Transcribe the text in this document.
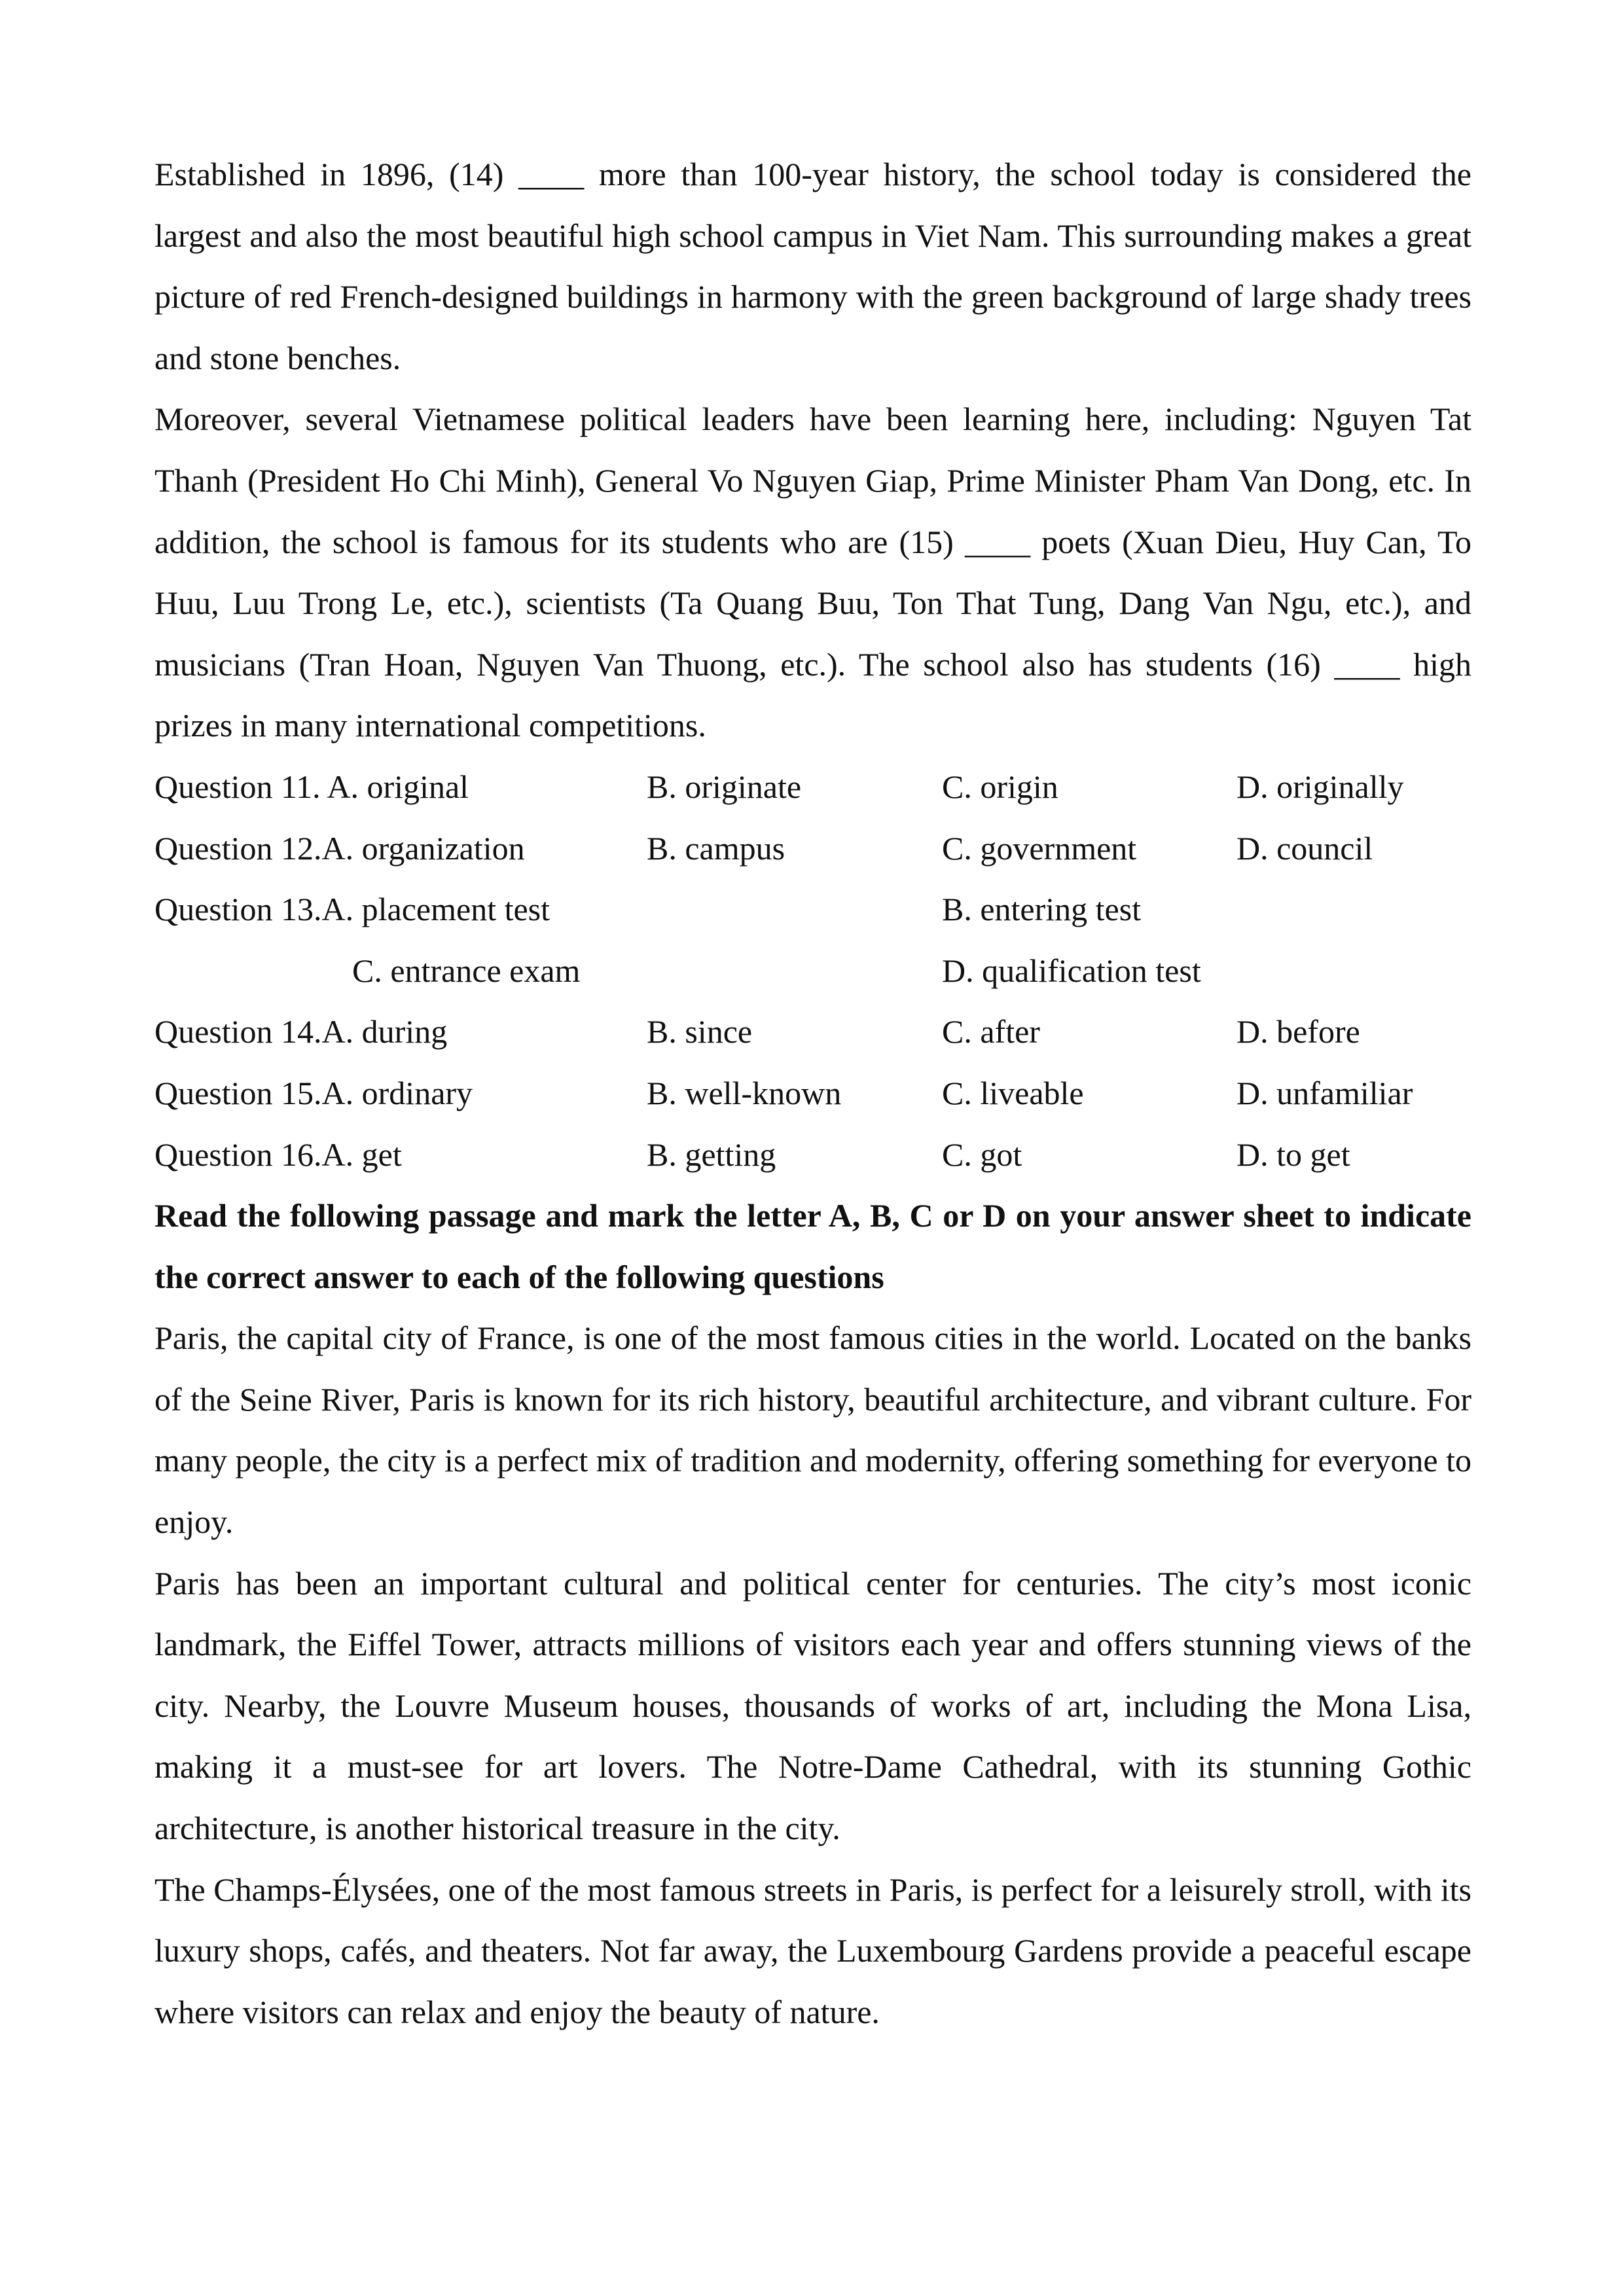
Established in 1896, (14) ____ more than 100-year history, the school today is considered the largest and also the most beautiful high school campus in Viet Nam. This surrounding makes a great picture of red French-designed buildings in harmony with the green background of large shady trees and stone benches.

Moreover, several Vietnamese political leaders have been learning here, including: Nguyen Tat Thanh (President Ho Chi Minh), General Vo Nguyen Giap, Prime Minister Pham Van Dong, etc. In addition, the school is famous for its students who are (15) ____ poets (Xuan Dieu, Huy Can, To Huu, Luu Trong Le, etc.), scientists (Ta Quang Buu, Ton That Tung, Dang Van Ngu, etc.), and musicians (Tran Hoan, Nguyen Van Thuong, etc.). The school also has students (16) ____ high prizes in many international competitions.

Question 11. A. original	B. originate	C. origin	D. originally
Question 12.A. organization	B. campus	C. government	D. council
Question 13.A. placement test	B. entering test
C. entrance exam	D. qualification test
Question 14.A. during	B. since	C. after	D. before
Question 15.A. ordinary	B. well-known	C. liveable	D. unfamiliar
Question 16.A. get	B. getting	C. got	D. to get

Read the following passage and mark the letter A, B, C or D on your answer sheet to indicate the correct answer to each of the following questions

Paris, the capital city of France, is one of the most famous cities in the world. Located on the banks of the Seine River, Paris is known for its rich history, beautiful architecture, and vibrant culture. For many people, the city is a perfect mix of tradition and modernity, offering something for everyone to enjoy.

Paris has been an important cultural and political center for centuries. The city’s most iconic landmark, the Eiffel Tower, attracts millions of visitors each year and offers stunning views of the city. Nearby, the Louvre Museum houses, thousands of works of art, including the Mona Lisa, making it a must-see for art lovers. The Notre-Dame Cathedral, with its stunning Gothic architecture, is another historical treasure in the city.

The Champs-Élysées, one of the most famous streets in Paris, is perfect for a leisurely stroll, with its luxury shops, cafés, and theaters. Not far away, the Luxembourg Gardens provide a peaceful escape where visitors can relax and enjoy the beauty of nature.
